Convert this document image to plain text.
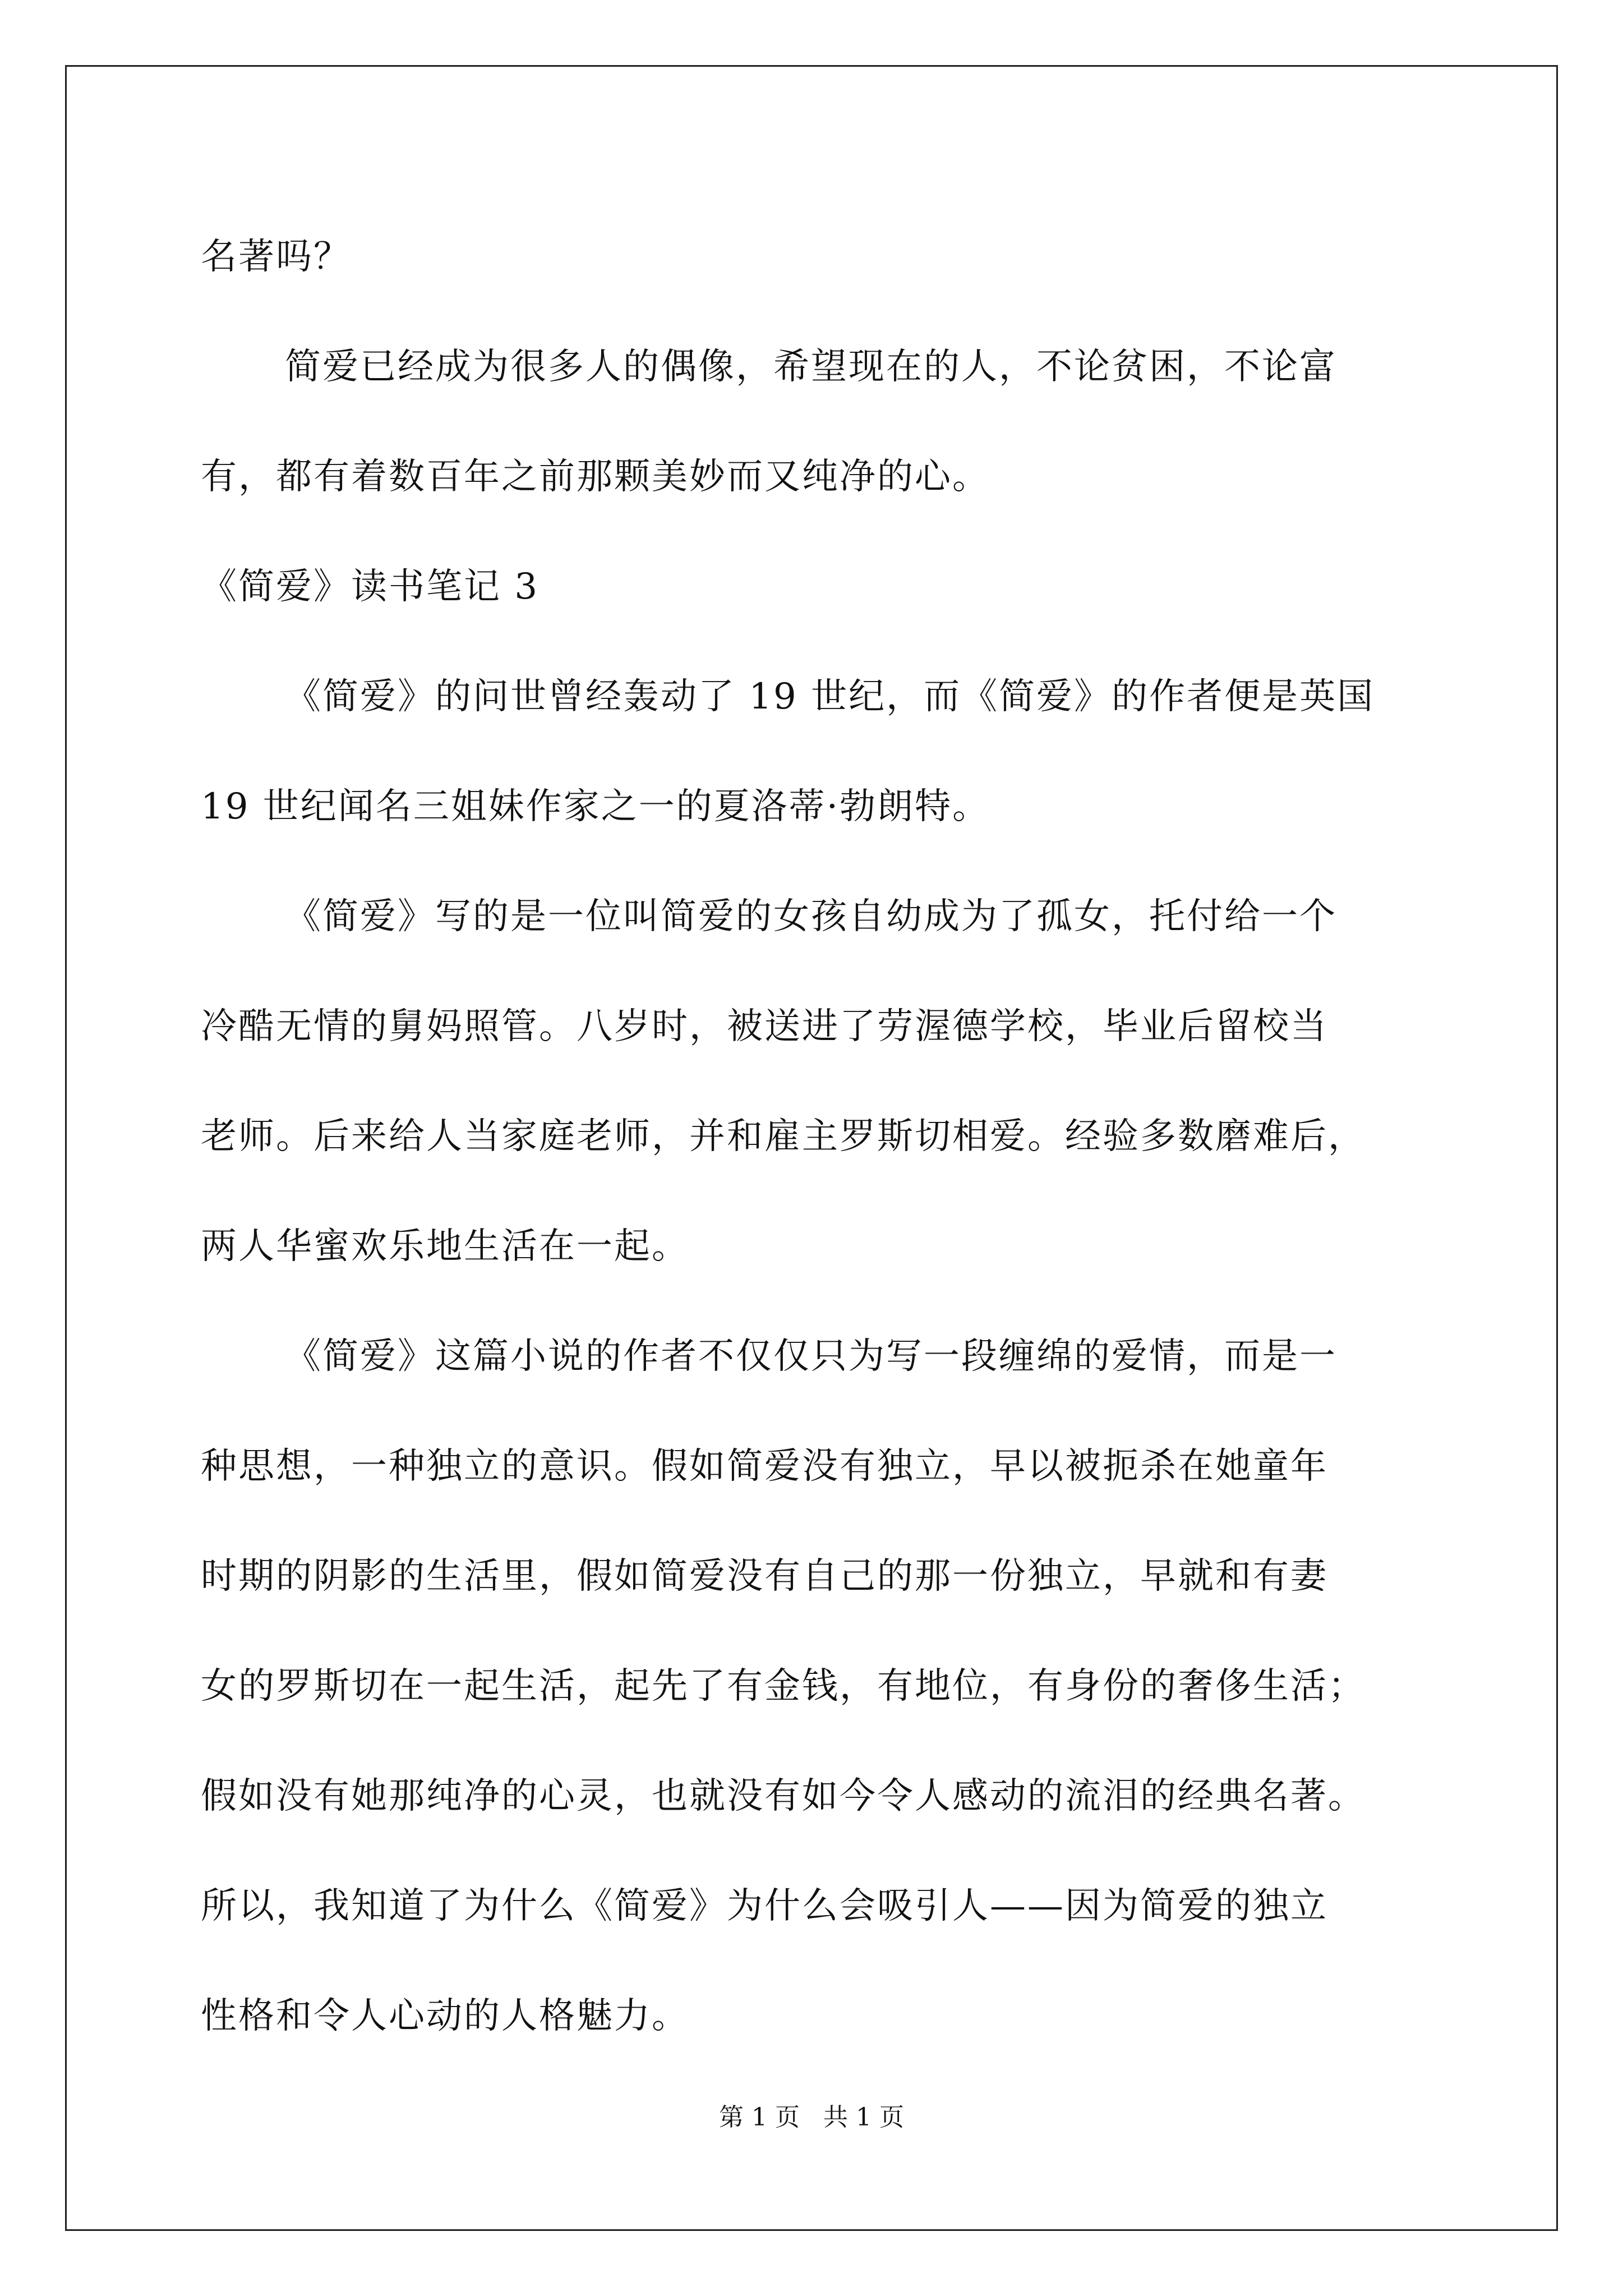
名著吗？
简爱已经成为很多人的偶像，希望现在的人，不论贫困，不论富
有，都有着数百年之前那颗美妙而又纯净的心。
《简爱》读书笔记 3
《简爱》的问世曾经轰动了 19 世纪，而《简爱》的作者便是英国
19 世纪闻名三姐妹作家之一的夏洛蒂·勃朗特。
《简爱》写的是一位叫简爱的女孩自幼成为了孤女，托付给一个
冷酷无情的舅妈照管。八岁时，被送进了劳渥德学校，毕业后留校当
老师。后来给人当家庭老师，并和雇主罗斯切相爱。经验多数磨难后，
两人华蜜欢乐地生活在一起。
《简爱》这篇小说的作者不仅仅只为写一段缠绵的爱情，而是一
种思想，一种独立的意识。假如简爱没有独立，早以被扼杀在她童年
时期的阴影的生活里，假如简爱没有自己的那一份独立，早就和有妻
女的罗斯切在一起生活，起先了有金钱，有地位，有身份的奢侈生活；
假如没有她那纯净的心灵，也就没有如今令人感动的流泪的经典名著。
所以，我知道了为什么《简爱》为什么会吸引人——因为简爱的独立
性格和令人心动的人格魅力。
第 1 页   共 1 页
